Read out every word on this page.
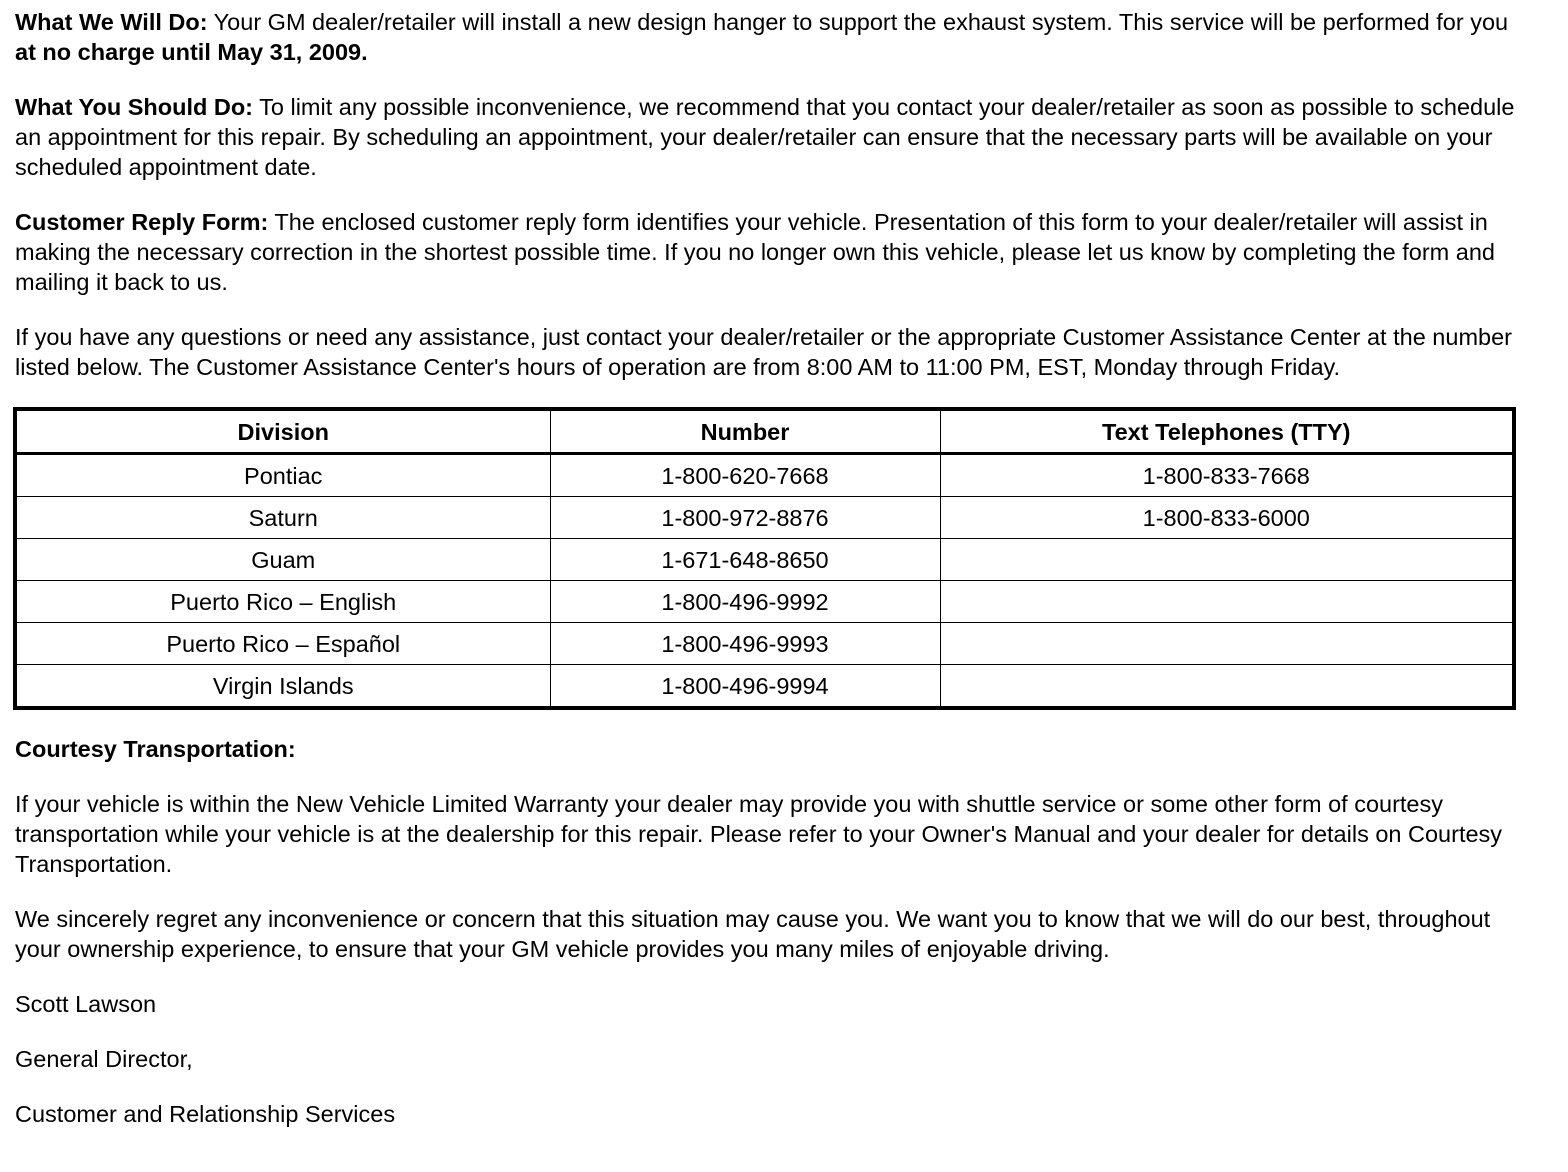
What We Will Do: Your GM dealer/retailer will install a new design hanger to support the exhaust system. This service will be performed for you at no charge until May 31, 2009.

What You Should Do: To limit any possible inconvenience, we recommend that you contact your dealer/retailer as soon as possible to schedule an appointment for this repair. By scheduling an appointment, your dealer/retailer can ensure that the necessary parts will be available on your scheduled appointment date.

Customer Reply Form: The enclosed customer reply form identifies your vehicle. Presentation of this form to your dealer/retailer will assist in making the necessary correction in the shortest possible time. If you no longer own this vehicle, please let us know by completing the form and mailing it back to us.

If you have any questions or need any assistance, just contact your dealer/retailer or the appropriate Customer Assistance Center at the number listed below. The Customer Assistance Center's hours of operation are from 8:00 AM to 11:00 PM, EST, Monday through Friday.

Division	Number	Text Telephones (TTY)
Pontiac	1-800-620-7668	1-800-833-7668
Saturn	1-800-972-8876	1-800-833-6000
Guam	1-671-648-8650	
Puerto Rico – English	1-800-496-9992	
Puerto Rico – Español	1-800-496-9993	
Virgin Islands	1-800-496-9994	

Courtesy Transportation:

If your vehicle is within the New Vehicle Limited Warranty your dealer may provide you with shuttle service or some other form of courtesy transportation while your vehicle is at the dealership for this repair. Please refer to your Owner's Manual and your dealer for details on Courtesy Transportation.

We sincerely regret any inconvenience or concern that this situation may cause you. We want you to know that we will do our best, throughout your ownership experience, to ensure that your GM vehicle provides you many miles of enjoyable driving.

Scott Lawson

General Director,

Customer and Relationship Services
